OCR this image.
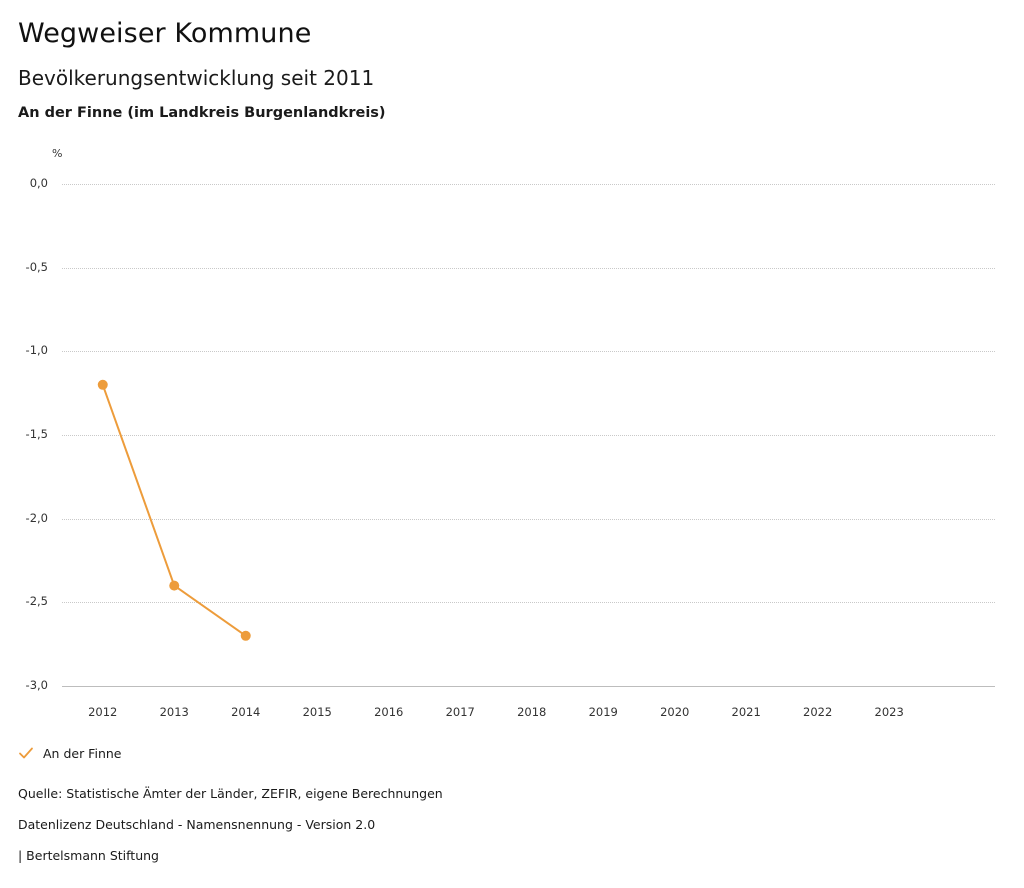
Wegweiser Kommune
Bevölkerungsentwicklung seit 2011
An der Finne (im Landkreis Burgenlandkreis)
%
0,0
-0,5
-1,0
-1,5
-2,0
-2,5
-3,0
2012	2013	2014	2015	2016	2017	2018	2019	2020	2021	2022	2023
An der Finne
Quelle: Statistische Ämter der Länder, ZEFIR, eigene Berechnungen
Datenlizenz Deutschland - Namensnennung - Version 2.0
| Bertelsmann Stiftung
